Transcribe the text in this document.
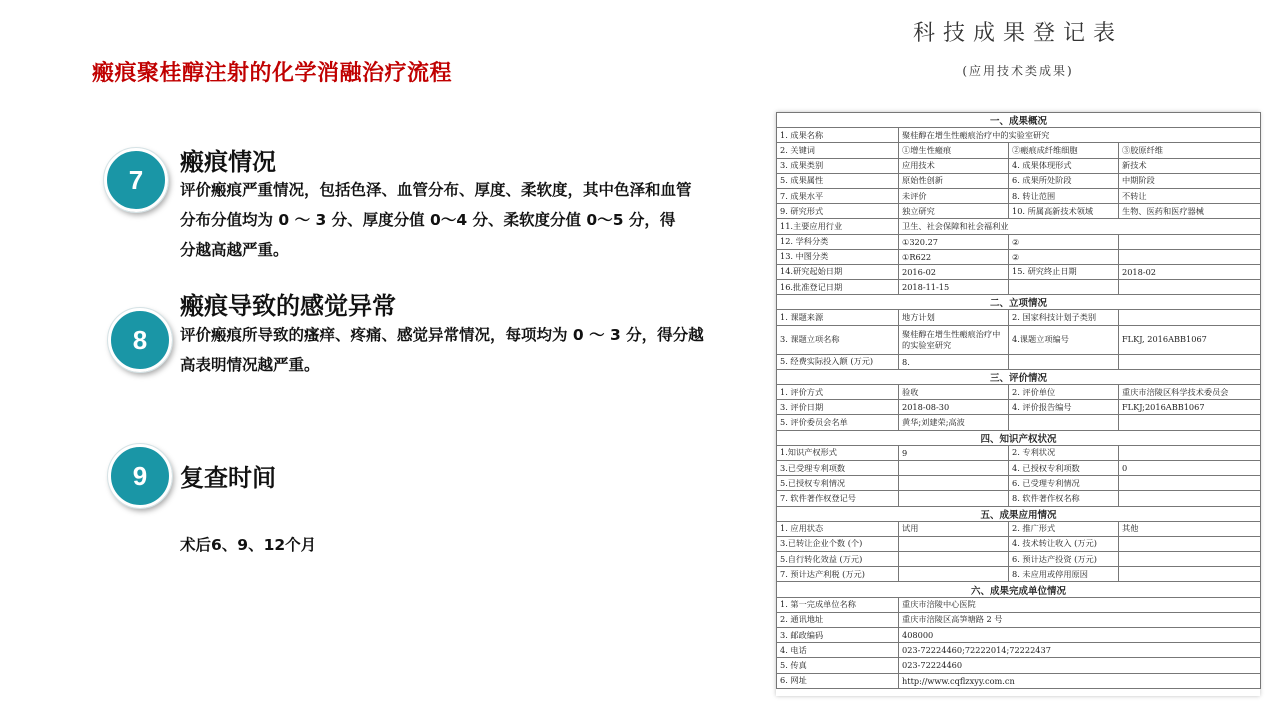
瘢痕聚桂醇注射的化学消融治疗流程
7
瘢痕情况
评价瘢痕严重情况，包括色泽、血管分布、厚度、柔软度，其中色泽和血管
分布分值均为 0 ～ 3 分、厚度分值 0～4 分、柔软度分值 0～5 分，得
分越高越严重。
8
瘢痕导致的感觉异常
评价瘢痕所导致的瘙痒、疼痛、感觉异常情况，每项均为 0 ～ 3 分，得分越
高表明情况越严重。
9	复查时间
术后6、9、12个月
科技成果登记表
(应用技术类成果)
一、成果概况			
1. 成果名称	聚桂醇在增生性瘢痕治疗中的实验室研究		
2. 关键词	①增生性瘢痕	②瘢痕成纤维细胞	③胶原纤维
3. 成果类别	应用技术	4. 成果体现形式	新技术
5. 成果属性	原始性创新	6. 成果所处阶段	中期阶段
7. 成果水平	未评价	8. 转让范围	不转让
9. 研究形式	独立研究	10. 所属高新技术领域	生物、医药和医疗器械
11.主要应用行业	卫生、社会保障和社会福利业		
12. 学科分类	①320.27	②	
13. 中图分类	①R622	②	
14.研究起始日期	2016-02	15. 研究终止日期	2018-02
16.批准登记日期	2018-11-15		
二、立项情况			
1. 课题来源	地方计划	2. 国家科技计划子类别	
3. 课题立项名称	聚桂醇在增生性瘢痕治疗中的实验室研究	4.课题立项编号	FLKJ, 2016ABB1067
5. 经费实际投入额 (万元)	8.		
三、评价情况			
1. 评价方式	验收	2. 评价单位	重庆市涪陵区科学技术委员会
3. 评价日期	2018-08-30	4. 评价报告编号	FLKJ;2016ABB1067
5. 评价委员会名单	黄华;刘建荣;高波		
四、知识产权状况			
1.知识产权形式	9	2. 专利状况	
3.已受理专利项数		4. 已授权专利项数	0
5.已授权专利情况		6. 已受理专利情况	
7. 软件著作权登记号		8. 软件著作权名称	
五、成果应用情况			
1. 应用状态	试用	2. 推广形式	其他
3.已转让企业个数 (个)		4. 技术转让收入 (万元)	
5.自行转化效益 (万元)		6. 预计达产投资 (万元)	
7. 预计达产利税 (万元)		8. 未应用或停用原因	
六、成果完成单位情况			
1. 第一完成单位名称	重庆市涪陵中心医院		
2. 通讯地址	重庆市涪陵区高笋塘路 2 号		
3. 邮政编码	408000		
4. 电话	023-72224460;72222014;72222437		
5. 传真	023-72224460		
6. 网址	http://www.cqflzxyy.com.cn		
